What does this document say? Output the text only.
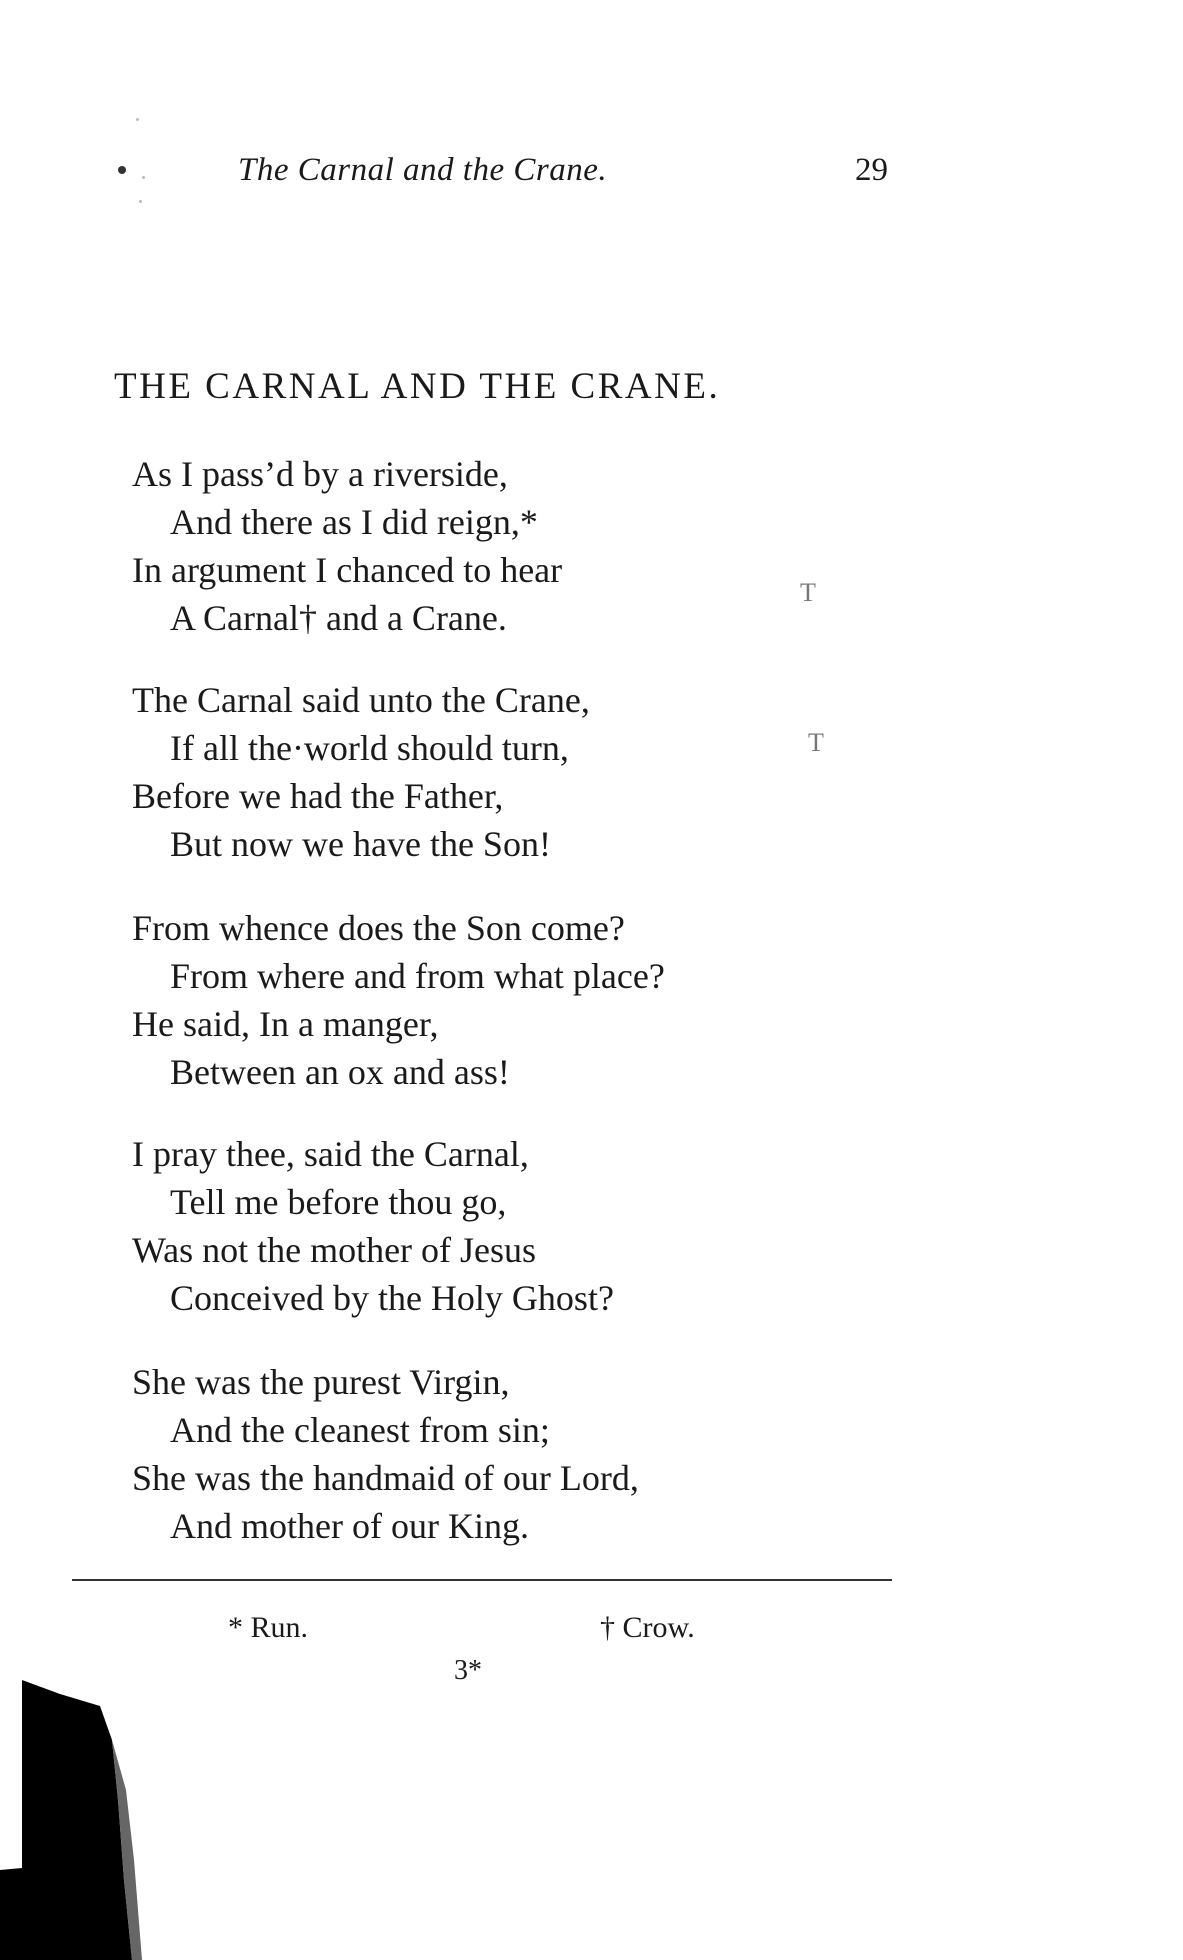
The Carnal and the Crane.	29
THE CARNAL AND THE CRANE.
As I pass’d by a riverside,
And there as I did reign,*
In argument I chanced to hear
A Carnal† and a Crane.
The Carnal said unto the Crane,
If all the·world should turn,
Before we had the Father,
But now we have the Son!
From whence does the Son come?
From where and from what place?
He said, In a manger,
Between an ox and ass!
I pray thee, said the Carnal,
Tell me before thou go,
Was not the mother of Jesus
Conceived by the Holy Ghost?
She was the purest Virgin,
And the cleanest from sin;
She was the handmaid of our Lord,
And mother of our King.
T
T
* Run.	† Crow.
3*
